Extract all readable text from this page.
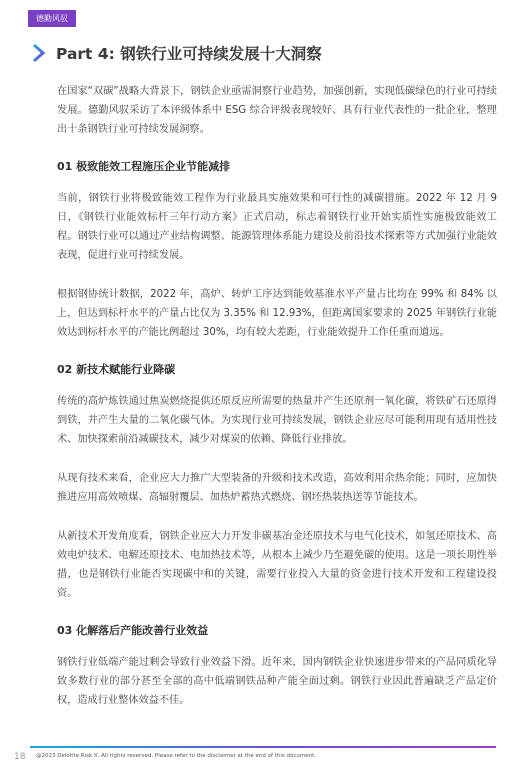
德勤风驭
Part 4: 钢铁行业可持续发展十大洞察

在国家“双碳”战略大背景下，钢铁企业亟需洞察行业趋势，加强创新，实现低碳绿色的行业可持续发展。德勤风驭采访了本评级体系中 ESG 综合评级表现较好、具有行业代表性的一批企业，整理出十条钢铁行业可持续发展洞察。

01 极致能效工程施压企业节能减排

当前，钢铁行业将极致能效工程作为行业最具实施效果和可行性的减碳措施。2022 年 12 月 9 日，《钢铁行业能效标杆三年行动方案》正式启动，标志着钢铁行业开始实质性实施极致能效工程。钢铁行业可以通过产业结构调整、能源管理体系能力建设及前沿技术探索等方式加强行业能效表现，促进行业可持续发展。

根据钢协统计数据，2022 年，高炉、转炉工序达到能效基准水平产量占比均在 99% 和 84% 以上，但达到标杆水平的产量占比仅为 3.35% 和 12.93%，但距离国家要求的 2025 年钢铁行业能效达到标杆水平的产能比例超过 30%，均有较大差距，行业能效提升工作任重而道远。

02 新技术赋能行业降碳

传统的高炉炼铁通过焦炭燃烧提供还原反应所需要的热量并产生还原剂一氧化碳，将铁矿石还原得到铁，并产生大量的二氧化碳气体。为实现行业可持续发展，钢铁企业应尽可能利用现有适用性技术、加快探索前沿减碳技术，减少对煤炭的依赖、降低行业排放。

从现有技术来看，企业应大力推广大型装备的升级和技术改造，高效利用余热余能；同时，应加快推进应用高效喷煤、高辐射覆层、加热炉蓄热式燃烧、钢坯热装热送等节能技术。

从新技术开发角度看，钢铁企业应大力开发非碳基冶金还原技术与电气化技术，如氢还原技术、高效电炉技术、电解还原技术、电加热技术等，从根本上减少乃至避免碳的使用。这是一项长期性举措，也是钢铁行业能否实现碳中和的关键，需要行业投入大量的资金进行技术开发和工程建设投资。

03 化解落后产能改善行业效益

钢铁行业低端产能过剩会导致行业效益下滑。近年来，国内钢铁企业快速进步带来的产品同质化导致多数行业的部分甚至全部的高中低端钢铁品种产能全面过剩。钢铁行业因此普遍缺乏产品定价权，造成行业整体效益不佳。

18 @2023 Deloitte Risk X. All rights reserved. Please refer to the disclaimer at the end of this document.
